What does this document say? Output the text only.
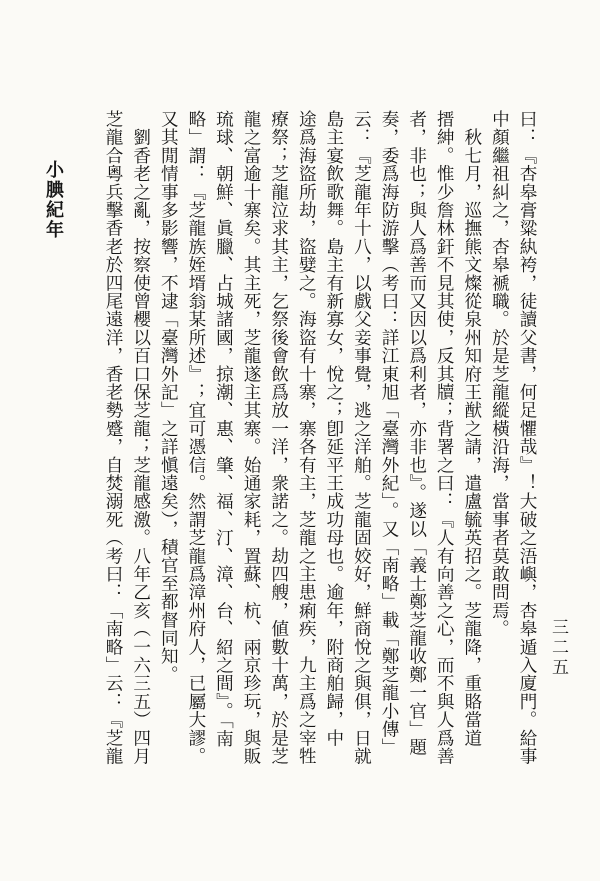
小腆紀年
三二五
曰：『杏皋膏粱紈袴，徒讀父書，何足懼哉』！大破之浯嶼，杏皋遁入廈門。給事
中顏繼祖糾之，杏皋褫職。於是芝龍縱橫沿海，當事者莫敢問焉。
　秋七月，巡撫熊文燦從泉州知府王猷之請，遣盧毓英招之。芝龍降，重賂當道
搢紳。惟少詹林釬不見其使，反其牘；背署之曰：『人有向善之心，而不與人爲善
者，非也；與人爲善而又因以爲利者，亦非也』。遂以「義士鄭芝龍收鄭一官」題
奏，委爲海防游擊（考曰：詳江東旭「臺灣外紀」。又「南略」載「鄭芝龍小傳」
云：『芝龍年十八，以戲父妾事覺，逃之洋舶。芝龍固姣好，鮮商悅之與俱，日就
島主宴飲歌舞。島主有新寡女，悅之；卽延平王成功母也。逾年，附商舶歸，中
途爲海盜所劫，盜嬖之。海盜有十寨，寨各有主，芝龍之主患痢疾，九主爲之宰牲
療祭；芝龍泣求其主，乞祭後會飲爲放一洋，衆諾之。劫四艘，値數十萬，於是芝
龍之富逾十寨矣。其主死，芝龍遂主其寨。始通家耗，置蘇、杭、兩京珍玩，與販
琉球、朝鮮、眞臘、占城諸國，掠潮、惠、肇、福、汀、漳、台、紹之間』。「南
略」謂：『芝龍族姪壻翁某所述』；宜可憑信。然謂芝龍爲漳州府人，已屬大謬。
又其閒情事多影響，不逮「臺灣外記」之詳愼遠矣），積官至都督同知。
　劉香老之亂，按察使曾櫻以百口保芝龍；芝龍感激。八年乙亥（一六三五）四月
芝龍合粵兵擊香老於四尾遠洋，香老勢蹙，自焚溺死（考曰：「南略」云：『芝龍
